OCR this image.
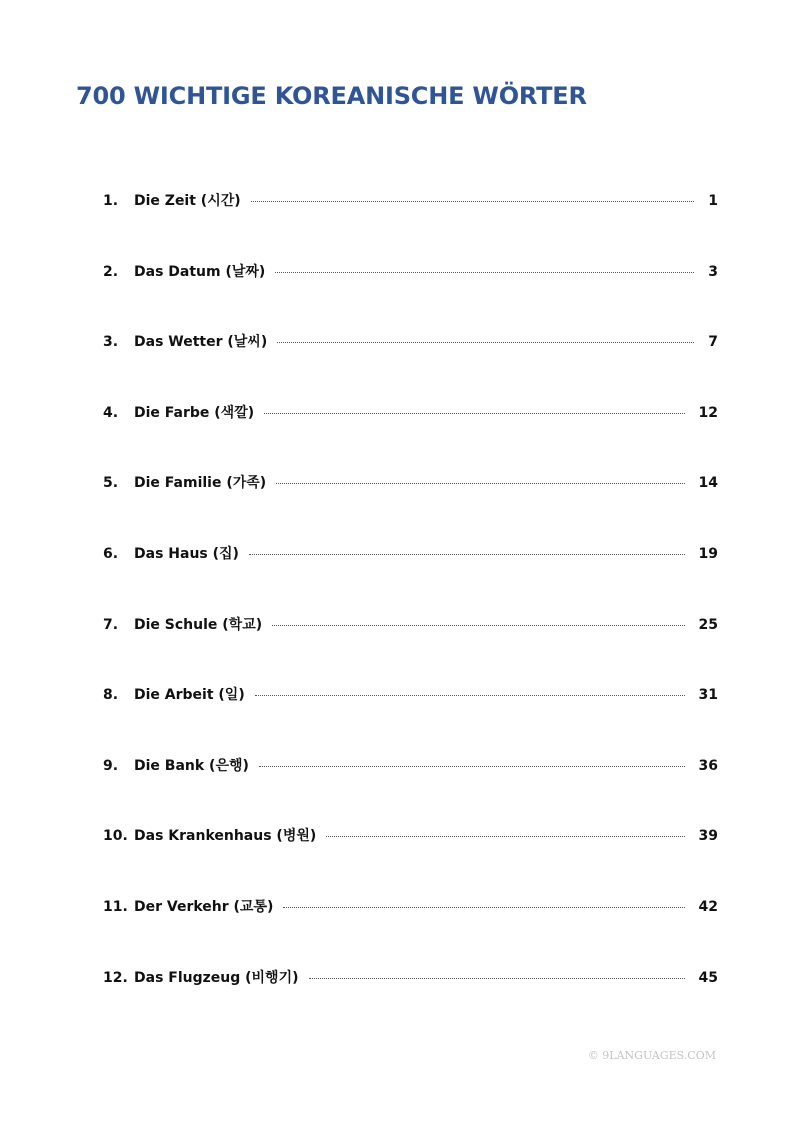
700 WICHTIGE KOREANISCHE WÖRTER
1.	Die Zeit (시간)	1
2.	Das Datum (날짜)	3
3.	Das Wetter (날씨)	7
4.	Die Farbe (색깔)	12
5.	Die Familie (가족)	14
6.	Das Haus (집)	19
7.	Die Schule (학교)	25
8.	Die Arbeit (일)	31
9.	Die Bank (은행)	36
10. Das Krankenhaus (병원)	39
11. Der Verkehr (교통)	42
12. Das Flugzeug (비행기)	45
© 9LANGUAGES.COM
